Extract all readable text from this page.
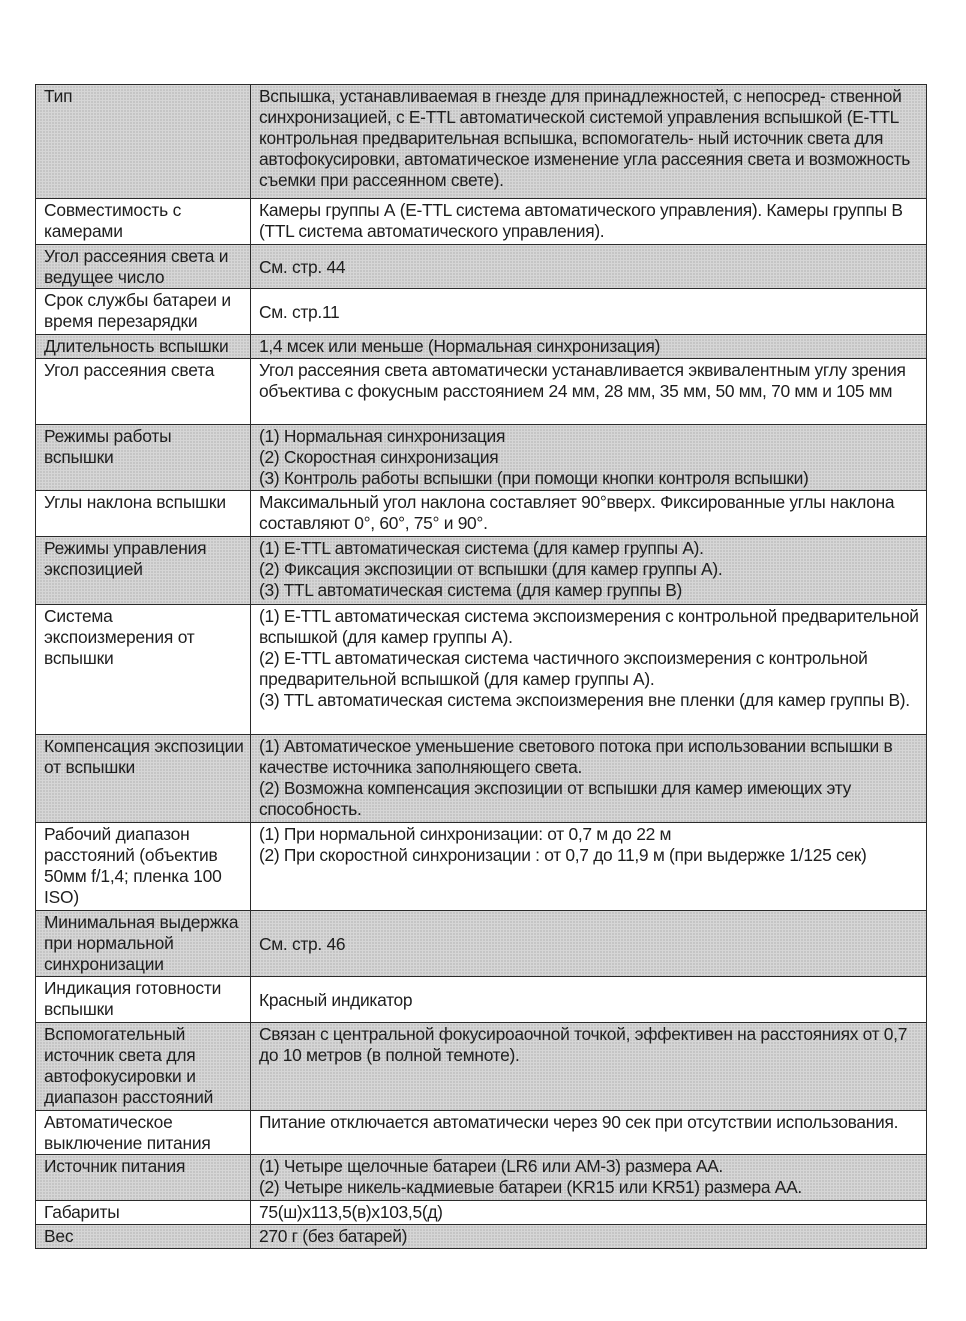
Тип	Вспышка, устанавливаемая в гнезде для принадлежностей, с непосред- ственной синхронизацией, с E-TTL автоматической системой управления вспышкой (E-TTL контрольная предварительная вспышка, вспомогатель- ный источник света для автофокусировки, автоматическое изменение угла рассеяния света и возможность съемки при рассеянном свете).
Совместимость с камерами	Камеры группы А (E-TTL система автоматического управления). Камеры группы В (TTL система автоматического управления).
Угол рассеяния света и ведущее число	См. стр. 44
Срок службы батареи и время перезарядки	См. стр.11
Длительность вспышки	1,4 мсек или меньше (Нормальная синхронизация)
Угол рассеяния света	Угол рассеяния света автоматически устанавливается эквивалентным углу зрения объектива с фокусным расстоянием 24 мм, 28 мм, 35 мм, 50 мм, 70 мм и 105 мм
Режимы работы вспышки	(1) Нормальная синхронизация
(2) Скоростная синхронизация
(3) Контроль работы вспышки (при помощи кнопки контроля вспышки)

Углы наклона вспышки	Максимальный угол наклона составляет 90°вверх. Фиксированные углы наклона составляют 0°, 60°, 75° и 90°.
Режимы управления экспозицией	(1) E-TTL автоматическая система (для камер группы А).
(2) Фиксация экспозиции от вспышки (для камер группы А).
(3) TTL автоматическая система (для камер группы В)

Система экспоизмерения от вспышки	(1) E-TTL автоматическая система экспоизмерения с контрольной предварительной вспышкой (для камер группы А).
(2) E-TTL автоматическая система частичного экспоизмерения с контрольной предварительной вспышкой (для камер группы А).
(3) TTL автоматическая система экспоизмерения вне пленки (для камер группы В).

Компенсация экспозиции от вспышки	(1) Автоматическое уменьшение светового потока при использовании вспышки в качестве источника заполняющего света.
(2) Возможна компенсация экспозиции от вспышки для камер имеющих эту способность.

Рабочий диапазон расстояний (объектив 50мм f/1,4; пленка 100 ISO)	(1) При нормальной синхронизации: от 0,7 м до 22 м
(2) При скоростной синхронизации : от 0,7 до 11,9 м (при выдержке 1/125 сек)

Минимальная выдержка при нормальной синхронизации	См. стр. 46
Индикация готовности вспышки	Красный индикатор
Вспомогательный источник света для автофокусировки и диапазон расстояний	Связан с центральной фокусироаочной точкой, эффективен на расстояниях от 0,7 до 10 метров (в полной темноте).
Автоматическое выключение питания	Питание отключается автоматически через 90 сек при отсутствии использования.
Источник питания	(1) Четыре щелочные батареи (LR6 или AM-3) размера АА.
(2) Четыре никель-кадмиевые батареи (KR15 или KR51) размера АА.

Габариты	75(ш)х113,5(в)х103,5(д)
Вес	270 г (без батарей)
